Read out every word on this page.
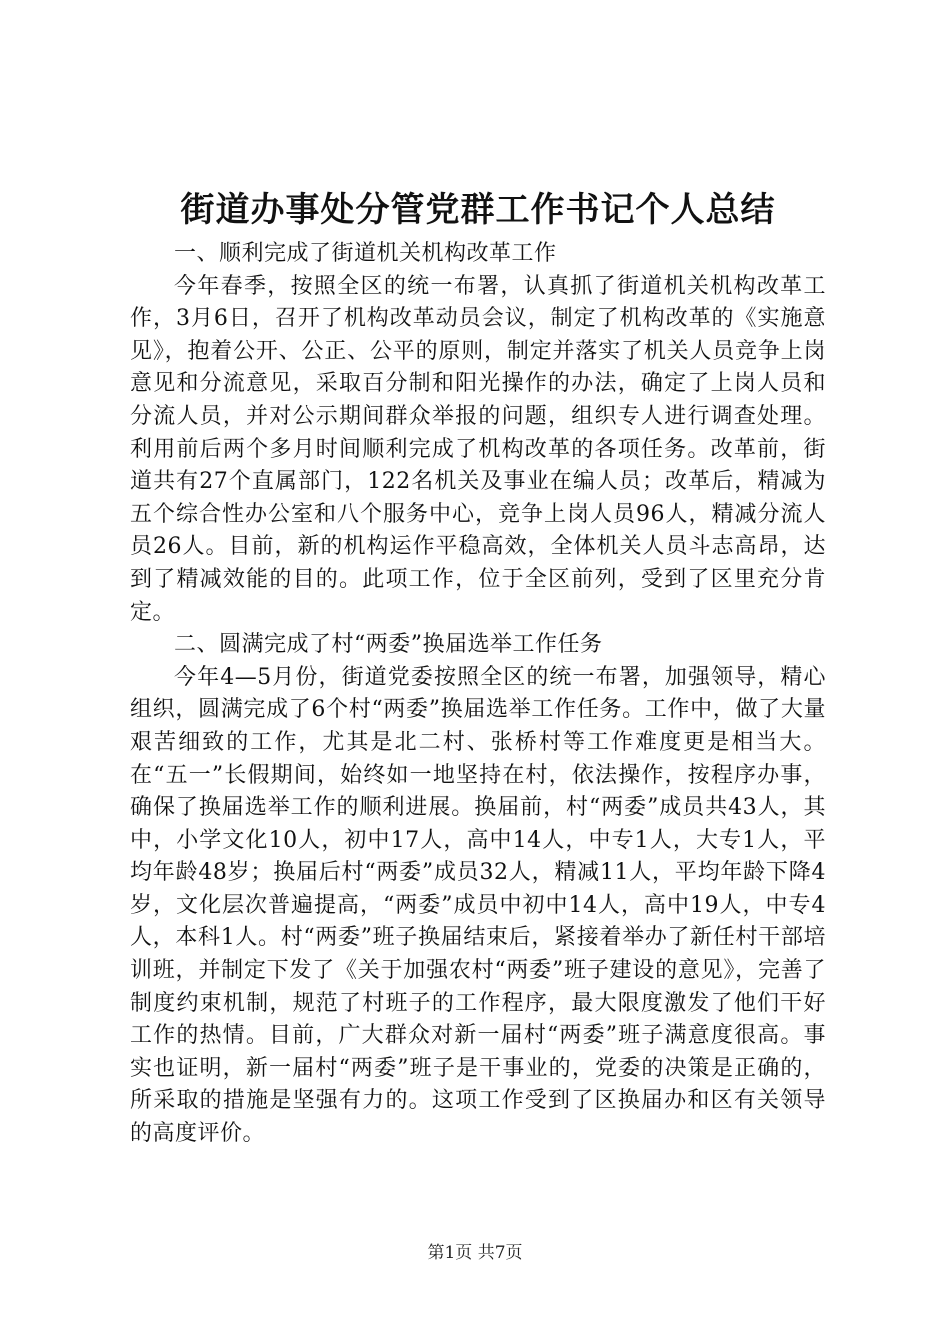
街道办事处分管党群工作书记个人总结

一、顺利完成了街道机关机构改革工作

今年春季，按照全区的统一布署，认真抓了街道机关机构改革工作，3月6日，召开了机构改革动员会议，制定了机构改革的《实施意见》，抱着公开、公正、公平的原则，制定并落实了机关人员竞争上岗意见和分流意见，采取百分制和阳光操作的办法，确定了上岗人员和分流人员，并对公示期间群众举报的问题，组织专人进行调查处理。利用前后两个多月时间顺利完成了机构改革的各项任务。改革前，街道共有27个直属部门，122名机关及事业在编人员；改革后，精减为五个综合性办公室和八个服务中心，竞争上岗人员96人，精减分流人员26人。目前，新的机构运作平稳高效，全体机关人员斗志高昂，达到了精减效能的目的。此项工作，位于全区前列，受到了区里充分肯定。

二、圆满完成了村“两委”换届选举工作任务

今年4—5月份，街道党委按照全区的统一布署，加强领导，精心组织，圆满完成了6个村“两委”换届选举工作任务。工作中，做了大量艰苦细致的工作，尤其是北二村、张桥村等工作难度更是相当大。在“五一”长假期间，始终如一地坚持在村，依法操作，按程序办事，确保了换届选举工作的顺利进展。换届前，村“两委”成员共43人，其中，小学文化10人，初中17人，高中14人，中专1人，大专1人，平均年龄48岁；换届后村“两委”成员32人，精减11人，平均年龄下降4岁，文化层次普遍提高，“两委”成员中初中14人，高中19人，中专4人，本科1人。村“两委”班子换届结束后，紧接着举办了新任村干部培训班，并制定下发了《关于加强农村“两委”班子建设的意见》，完善了制度约束机制，规范了村班子的工作程序，最大限度激发了他们干好工作的热情。目前，广大群众对新一届村“两委”班子满意度很高。事实也证明，新一届村“两委”班子是干事业的，党委的决策是正确的，所采取的措施是坚强有力的。这项工作受到了区换届办和区有关领导的高度评价。

第1页 共7页
